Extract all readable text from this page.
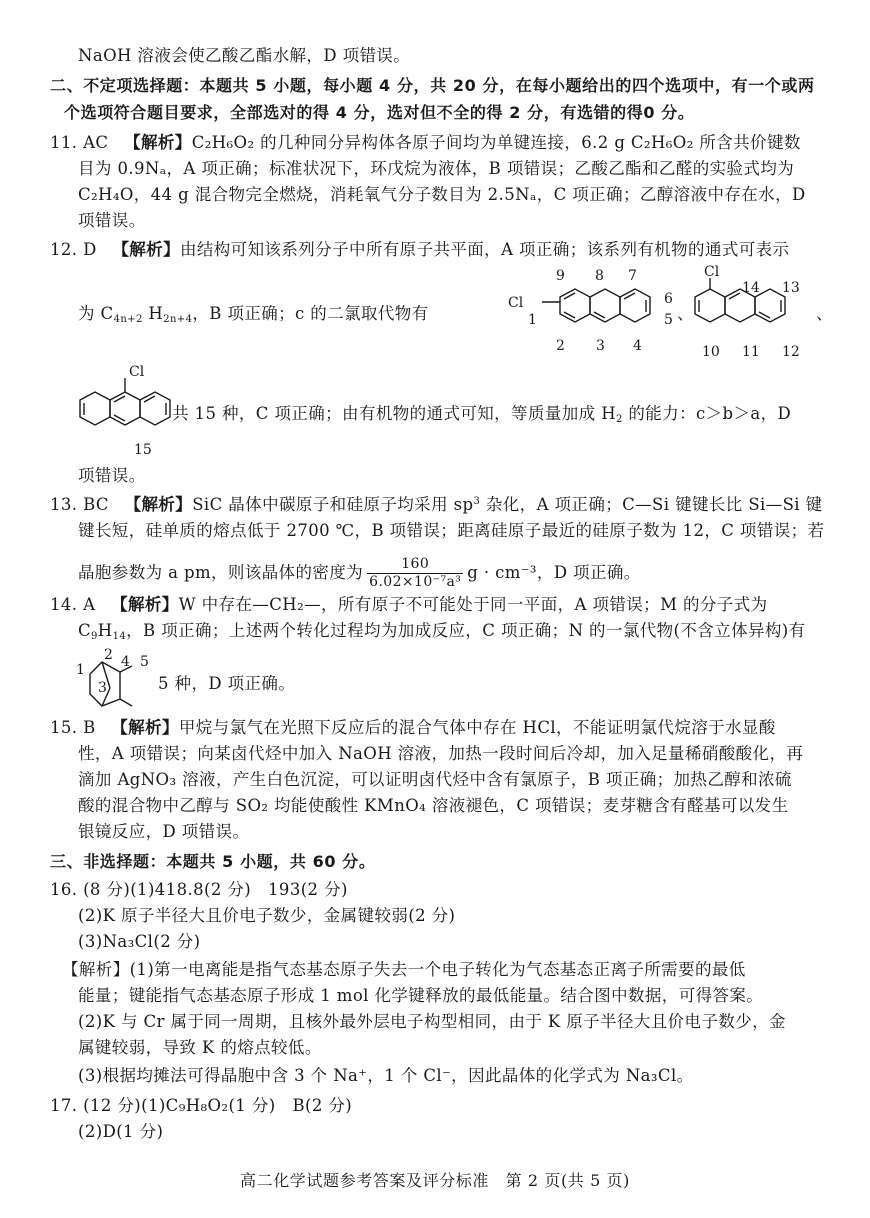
NaOH 溶液会使乙酸乙酯水解，D 项错误。
二、不定项选择题：本题共 5 小题，每小题 4 分，共 20 分，在每小题给出的四个选项中，有一个或两
个选项符合题目要求，全部选对的得 4 分，选对但不全的得 2 分，有选错的得0 分。
11. AC 【解析】C₂H₆O₂ 的几种同分异构体各原子间均为单键连接，6.2 g C₂H₆O₂ 所含共价键数
目为 0.9Nₐ，A 项正确；标准状况下，环戊烷为液体，B 项错误；乙酸乙酯和乙醛的实验式均为
C₂H₄O，44 g 混合物完全燃烧，消耗氧气分子数目为 2.5Nₐ，C 项正确；乙醇溶液中存在水，D
项错误。
12. D 【解析】由结构可知该系列分子中所有原子共平面，A 项正确；该系列有机物的通式可表示
为 $C_{4n+2}$ $H_{2n+4}$，B 项正确；c 的二氯取代物有
9 8 7
Cl	6
1	5
2 3 4
、
Cl
14 13
10 11 12
、
Cl
15
共 15 种，C 项正确；由有机物的通式可知，等质量加成 $H_2$ 的能力：c＞b＞a，D
项错误。
13. BC 【解析】SiC 晶体中碳原子和硅原子均采用 $sp^3$ 杂化，A 项正确；C—Si 键键长比 Si—Si 键
键长短，硅单质的熔点低于 2700 ℃，B 项错误；距离硅原子最近的硅原子数为 12，C 项错误；若
晶胞参数为 a pm，则该晶体的密度为 $\frac{160}{\text{6.02×10⁻⁷a³}}$ g · cm⁻³，D 项正确。
14. A 【解析】W 中存在—CH₂—，所有原子不可能处于同一平面，A 项错误；M 的分子式为
$C_9H_{14}$，B 项正确；上述两个转化过程均为加成反应，C 项正确；N 的一氯代物(不含立体异构)有
1
2 4 5
3	5 种，D 项正确。
15. B 【解析】甲烷与氯气在光照下反应后的混合气体中存在 HCl，不能证明氯代烷溶于水显酸
性，A 项错误；向某卤代烃中加入 NaOH 溶液，加热一段时间后冷却，加入足量稀硝酸酸化，再
滴加 AgNO₃ 溶液，产生白色沉淀，可以证明卤代烃中含有氯原子，B 项正确；加热乙醇和浓硫
酸的混合物中乙醇与 SO₂ 均能使酸性 KMnO₄ 溶液褪色，C 项错误；麦芽糖含有醛基可以发生
银镜反应，D 项错误。
三、非选择题：本题共 5 小题，共 60 分。
16. (8 分)(1)418.8(2 分)　193(2 分)
(2)K 原子半径大且价电子数少，金属键较弱(2 分)
(3)Na₃Cl(2 分)
【解析】(1)第一电离能是指气态基态原子失去一个电子转化为气态基态正离子所需要的最低
能量；键能指气态基态原子形成 1 mol 化学键释放的最低能量。结合图中数据，可得答案。
(2)K 与 Cr 属于同一周期，且核外最外层电子构型相同，由于 K 原子半径大且价电子数少，金
属键较弱，导致 K 的熔点较低。
(3)根据均摊法可得晶胞中含 3 个 Na⁺，1 个 Cl⁻，因此晶体的化学式为 Na₃Cl。
17. (12 分)(1)C₉H₈O₂(1 分)　B(2 分)
(2)D(1 分)
高二化学试题参考答案及评分标准　第 2 页(共 5 页)
